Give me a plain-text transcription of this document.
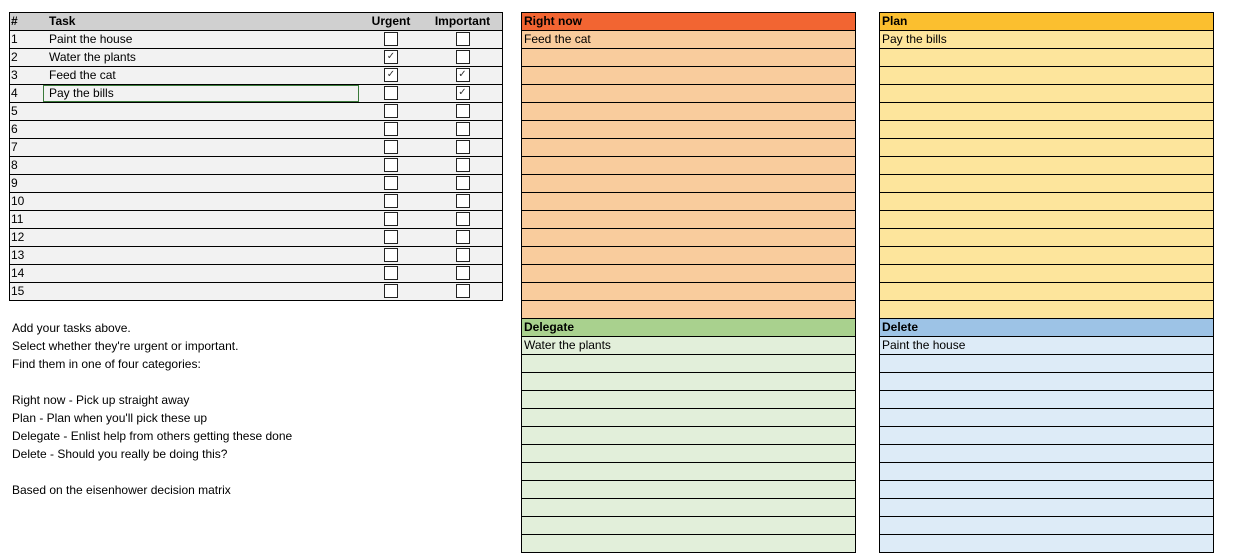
#	Task	Urgent	Important
1	Paint the house		
2	Water the plants	✓	
3	Feed the cat	✓	✓
4	Pay the bills		✓
5			
6			
7			
8			
9			
10			
11			
12			
13			
14			
15			
Right now
Feed the cat

Plan
Pay the bills

Delegate
Water the plants

Delete
Paint the house

Add your tasks above.
Select whether they're urgent or important.
Find them in one of four categories:
Right now - Pick up straight away
Plan - Plan when you'll pick these up
Delegate - Enlist help from others getting these done
Delete - Should you really be doing this?
Based on the eisenhower decision matrix
